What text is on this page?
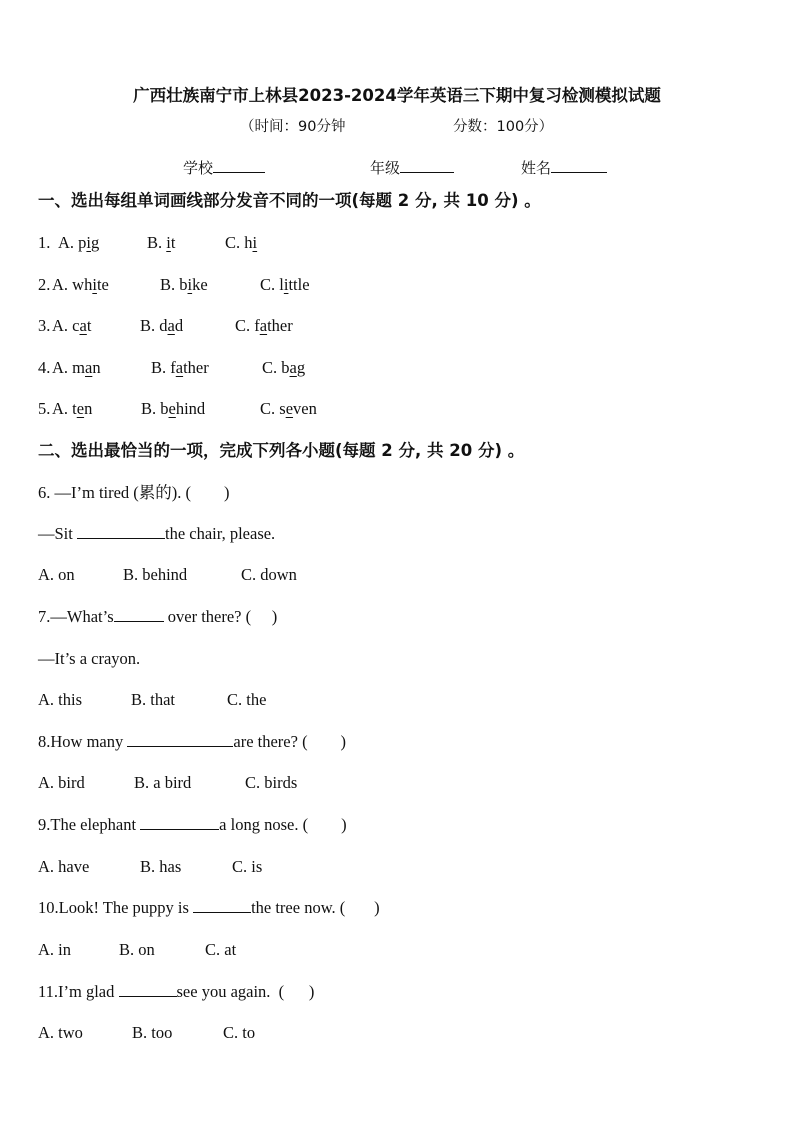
广西壮族南宁市上林县2023-2024学年英语三下期中复习检测模拟试题
（时间：90分钟	分数：100分）
学校	年级	姓名
一、选出每组单词画线部分发音不同的一项(每题 2 分, 共 10 分) 。
1. A. pig	B. it	C. hi
2. A. white	B. bike	C. little
3. A. cat	B. dad	C. father
4. A. man	B. father	C. bag
5. A. ten	B. behind	C. seven
二、选出最恰当的一项，完成下列各小题(每题 2 分, 共 20 分) 。
6. —I’m tired (累的). (        )
—Sit	the chair, please.
A. on	B. behind	C. down
7.—What’s	over there? (     )
—It’s a crayon.
A. this	B. that	C. the
8.How many	are there? (        )
A. bird	B. a bird	C. birds
9.The elephant	a long nose. (        )
A. have	B. has	C. is
10.Look! The puppy is	the tree now. (       )
A. in	B. on	C. at
11.I’m glad	see you again.  (      )
A. two	B. too	C. to
